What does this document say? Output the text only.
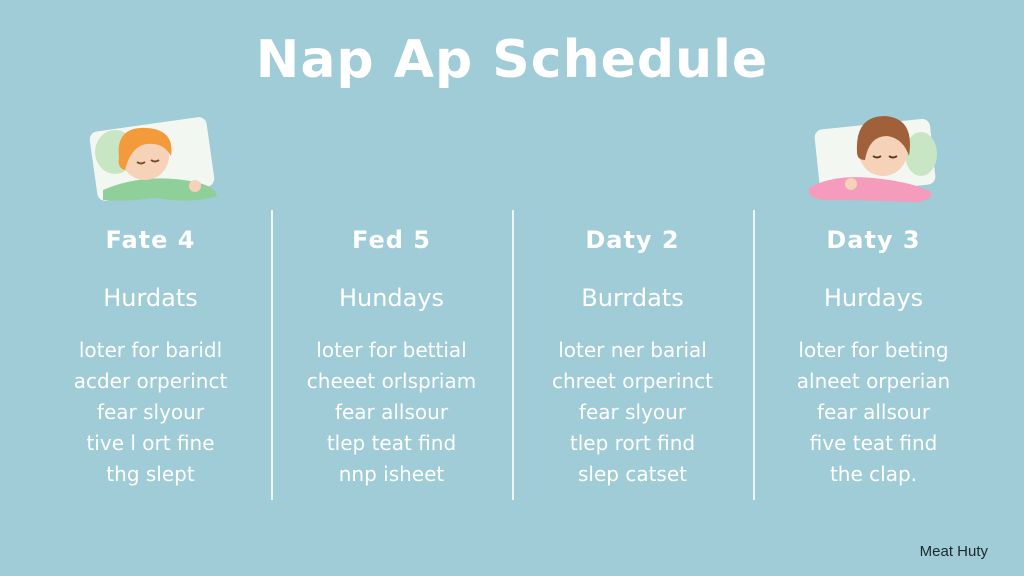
Nap Ap Schedule
Fate 4
Hurdats
loter for baridl
acder orperinct
fear slyour
tive l ort fine
thg slept
Fed 5
Hundays
loter for bettial
cheeet orlspriam
fear allsour
tlep teat find
nnp isheet
Daty 2
Burrdats
loter ner barial
chreet orperinct
fear slyour
tlep rort find
slep catset
Daty 3
Hurdays
loter for beting
alneet orperian
fear allsour
five teat find
the clap.
Meat Huty
